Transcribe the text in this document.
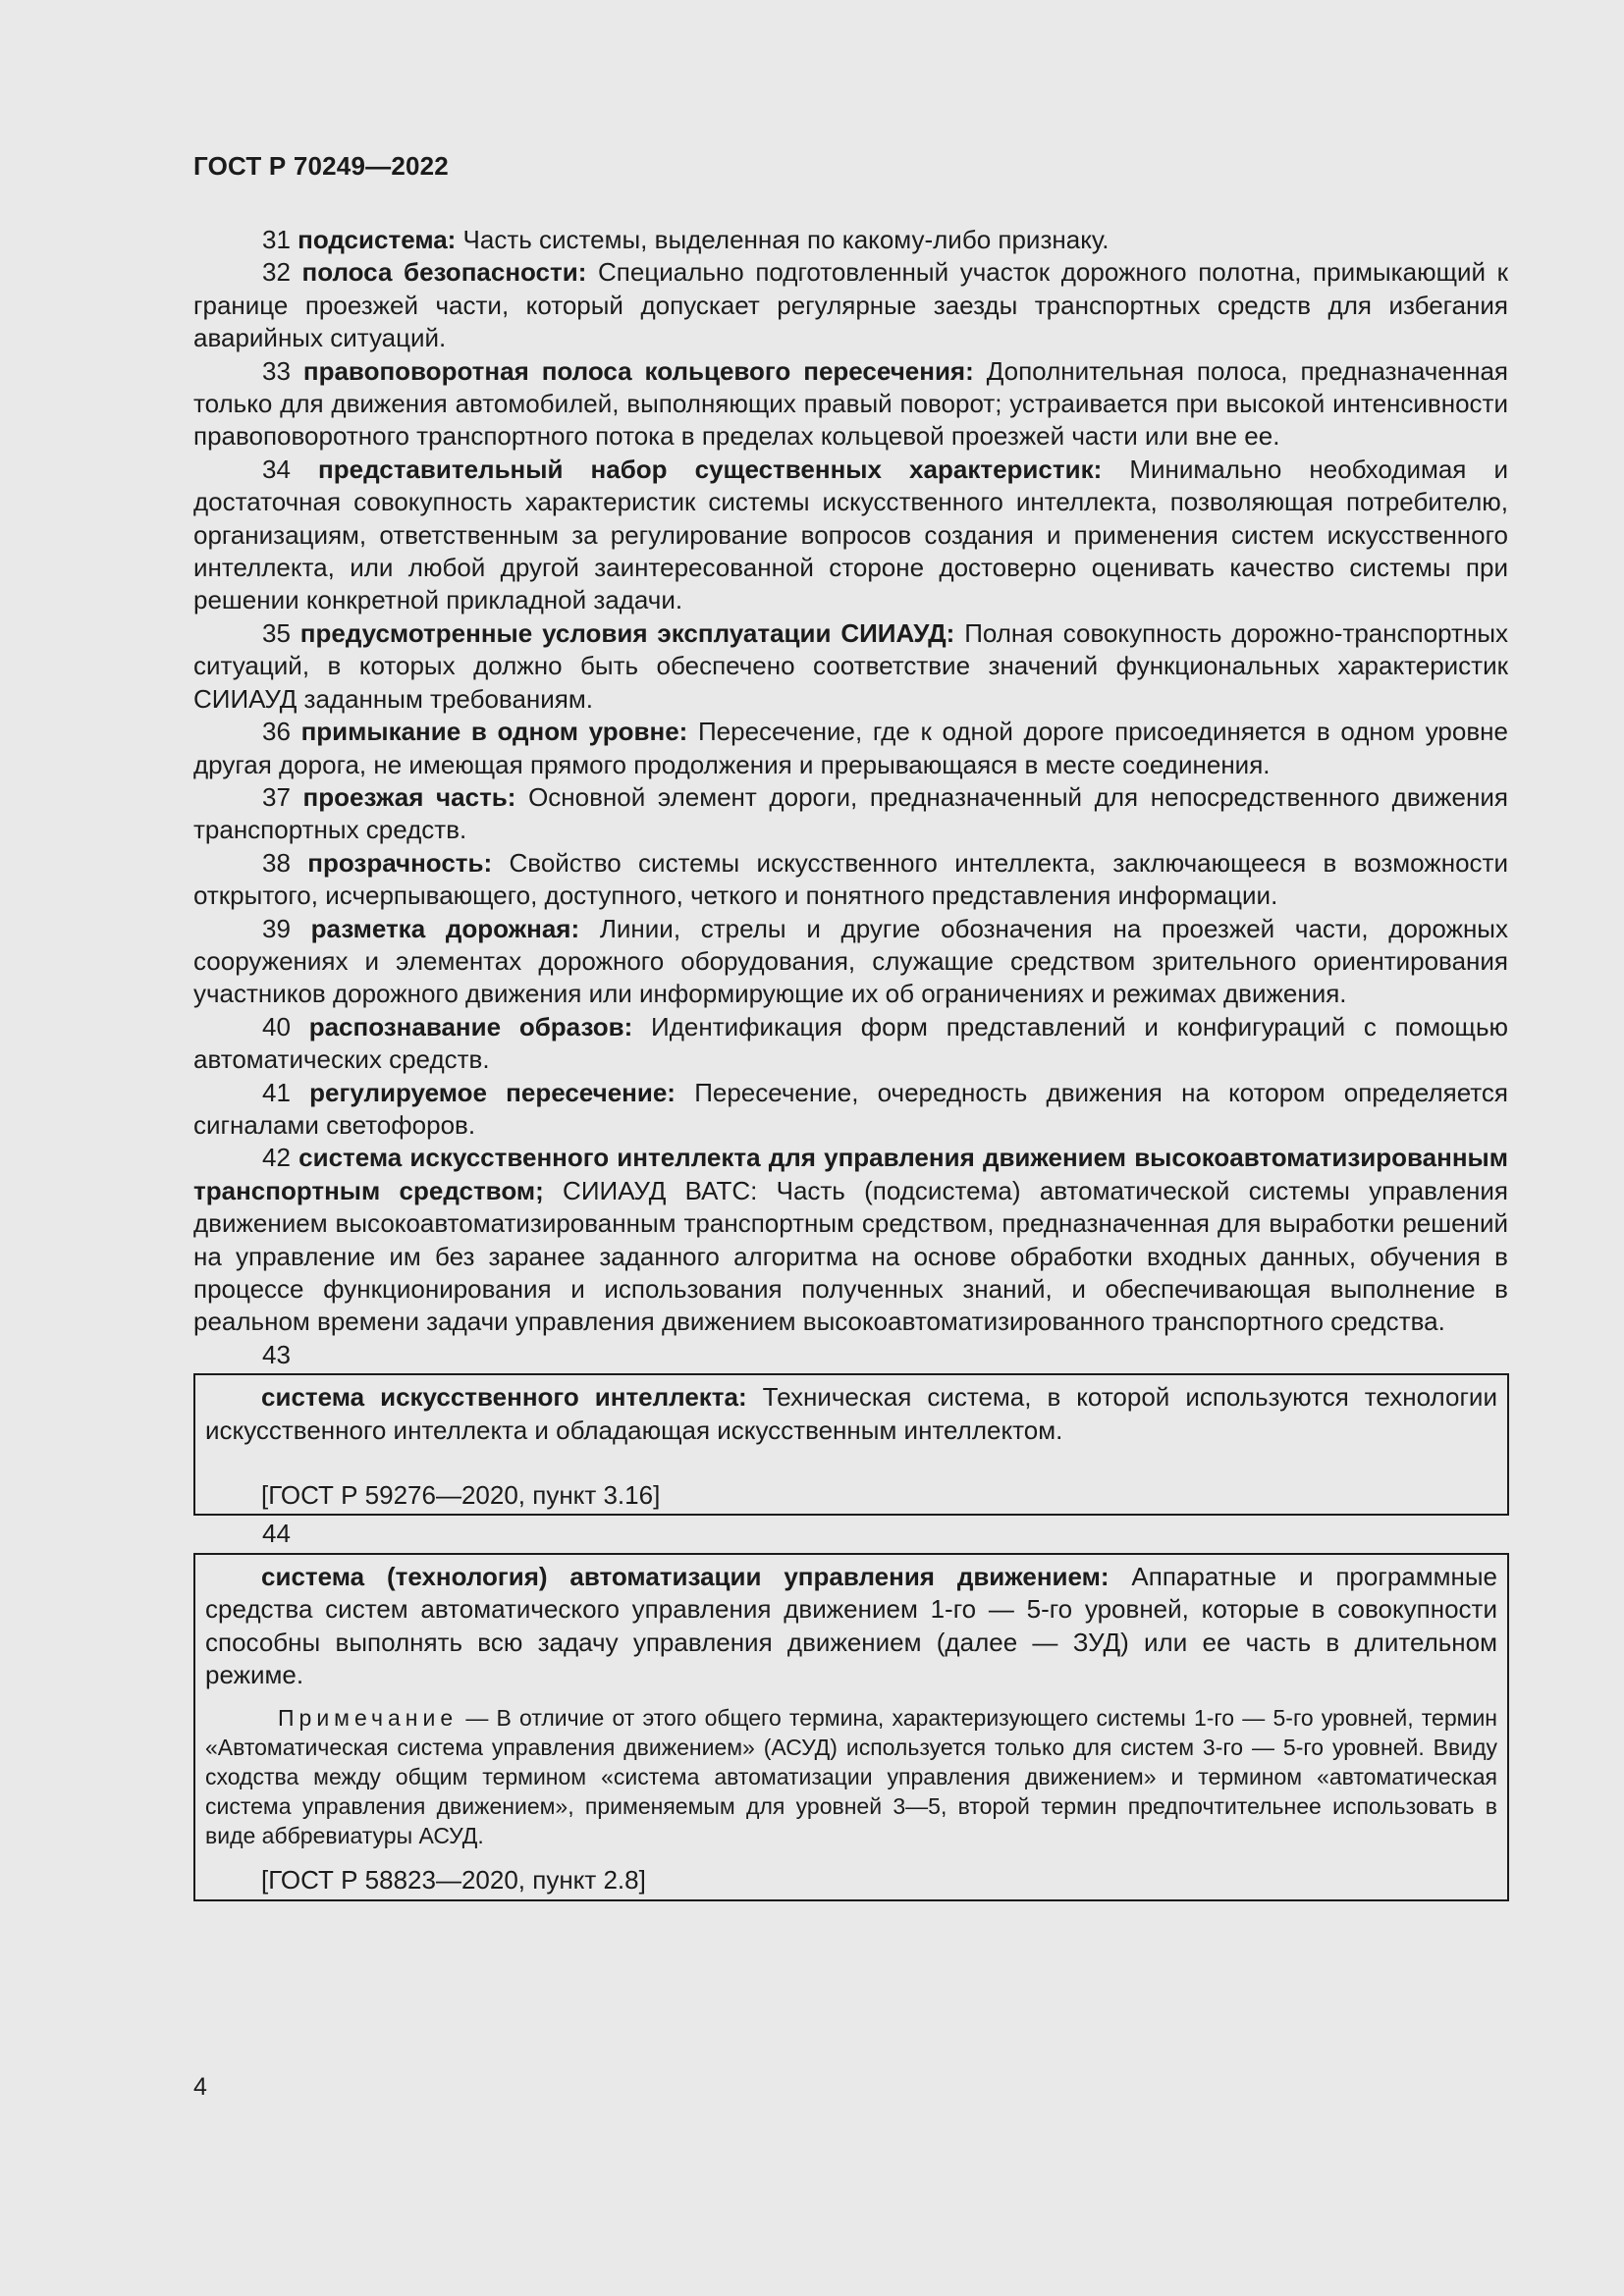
ГОСТ Р 70249—2022

31 подсистема: Часть системы, выделенная по какому-либо признаку.

32 полоса безопасности: Специально подготовленный участок дорожного полотна, примыкающий к границе проезжей части, который допускает регулярные заезды транспортных средств для избегания аварийных ситуаций.

33 правоповоротная полоса кольцевого пересечения: Дополнительная полоса, предназначенная только для движения автомобилей, выполняющих правый поворот; устраивается при высокой интенсивности правоповоротного транспортного потока в пределах кольцевой проезжей части или вне ее.

34 представительный набор существенных характеристик: Минимально необходимая и достаточная совокупность характеристик системы искусственного интеллекта, позволяющая потребителю, организациям, ответственным за регулирование вопросов создания и применения систем искусственного интеллекта, или любой другой заинтересованной стороне достоверно оценивать качество системы при решении конкретной прикладной задачи.

35 предусмотренные условия эксплуатации СИИАУД: Полная совокупность дорожно-транспортных ситуаций, в которых должно быть обеспечено соответствие значений функциональных характеристик СИИАУД заданным требованиям.

36 примыкание в одном уровне: Пересечение, где к одной дороге присоединяется в одном уровне другая дорога, не имеющая прямого продолжения и прерывающаяся в месте соединения.

37 проезжая часть: Основной элемент дороги, предназначенный для непосредственного движения транспортных средств.

38 прозрачность: Свойство системы искусственного интеллекта, заключающееся в возможности открытого, исчерпывающего, доступного, четкого и понятного представления информации.

39 разметка дорожная: Линии, стрелы и другие обозначения на проезжей части, дорожных сооружениях и элементах дорожного оборудования, служащие средством зрительного ориентирования участников дорожного движения или информирующие их об ограничениях и режимах движения.

40 распознавание образов: Идентификация форм представлений и конфигураций с помощью автоматических средств.

41 регулируемое пересечение: Пересечение, очередность движения на котором определяется сигналами светофоров.

42 система искусственного интеллекта для управления движением высокоавтоматизированным транспортным средством; СИИАУД ВАТС: Часть (подсистема) автоматической системы управления движением высокоавтоматизированным транспортным средством, предназначенная для выработки решений на управление им без заранее заданного алгоритма на основе обработки входных данных, обучения в процессе функционирования и использования полученных знаний, и обеспечивающая выполнение в реальном времени задачи управления движением высокоавтоматизированного транспортного средства.

43

система искусственного интеллекта: Техническая система, в которой используются технологии искусственного интеллекта и обладающая искусственным интеллектом.

[ГОСТ Р 59276—2020, пункт 3.16]

44

система (технология) автоматизации управления движением: Аппаратные и программные средства систем автоматического управления движением 1-го — 5-го уровней, которые в совокупности способны выполнять всю задачу управления движением (далее — ЗУД) или ее часть в длительном режиме.

Примечание — В отличие от этого общего термина, характеризующего системы 1-го — 5-го уровней, термин «Автоматическая система управления движением» (АСУД) используется только для систем 3-го — 5-го уровней. Ввиду сходства между общим термином «система автоматизации управления движением» и термином «автоматическая система управления движением», применяемым для уровней 3—5, второй термин предпочтительнее использовать в виде аббревиатуры АСУД.

[ГОСТ Р 58823—2020, пункт 2.8]

4
